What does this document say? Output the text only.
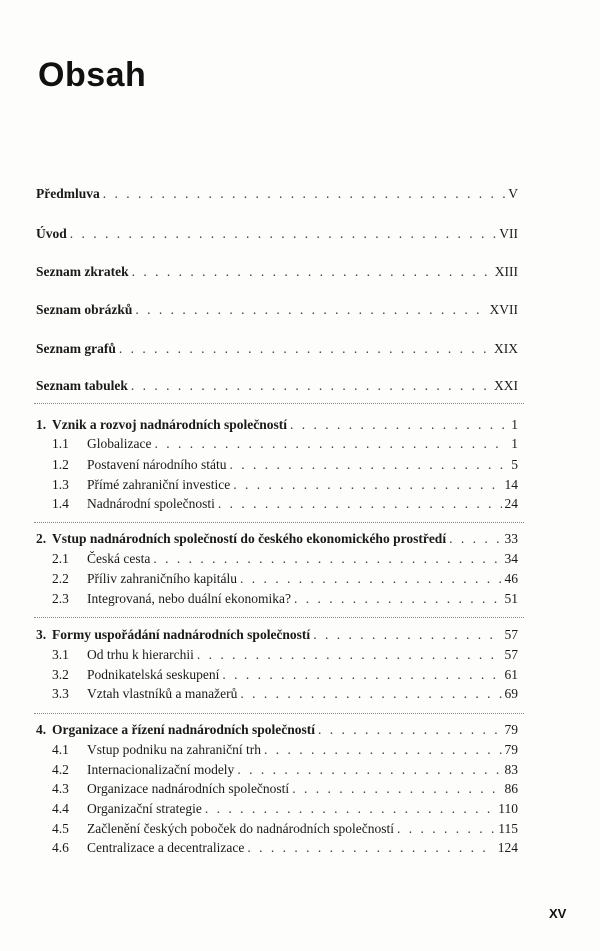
Obsah
Předmluva . . .	V
Úvod . . .	VII
Seznam zkratek . . .	XIII
Seznam obrázků . . .	XVII
Seznam grafů . . .	XIX
Seznam tabulek . . .	XXI
1. Vznik a rozvoj nadnárodních společností . . .	1
1.1	Globalizace . . .	1
1.2	Postavení národního státu . . .	5
1.3	Přímé zahraniční investice . . .	14
1.4	Nadnárodní společnosti . . .	24
2. Vstup nadnárodních společností do českého ekonomického prostředí . . .	33
2.1	Česká cesta . . .	34
2.2	Příliv zahraničního kapitálu . . .	46
2.3	Integrovaná, nebo duální ekonomika? . . .	51
3. Formy uspořádání nadnárodních společností . . .	57
3.1	Od trhu k hierarchii . . .	57
3.2	Podnikatelská seskupení . . .	61
3.3	Vztah vlastníků a manažerů . . .	69
4. Organizace a řízení nadnárodních společností . . .	79
4.1	Vstup podniku na zahraniční trh . . .	79
4.2	Internacionalizační modely . . .	83
4.3	Organizace nadnárodních společností . . .	86
4.4	Organizační strategie . . .	110
4.5	Začlenění českých poboček do nadnárodních společností . . .	115
4.6	Centralizace a decentralizace . . .	124
XV
